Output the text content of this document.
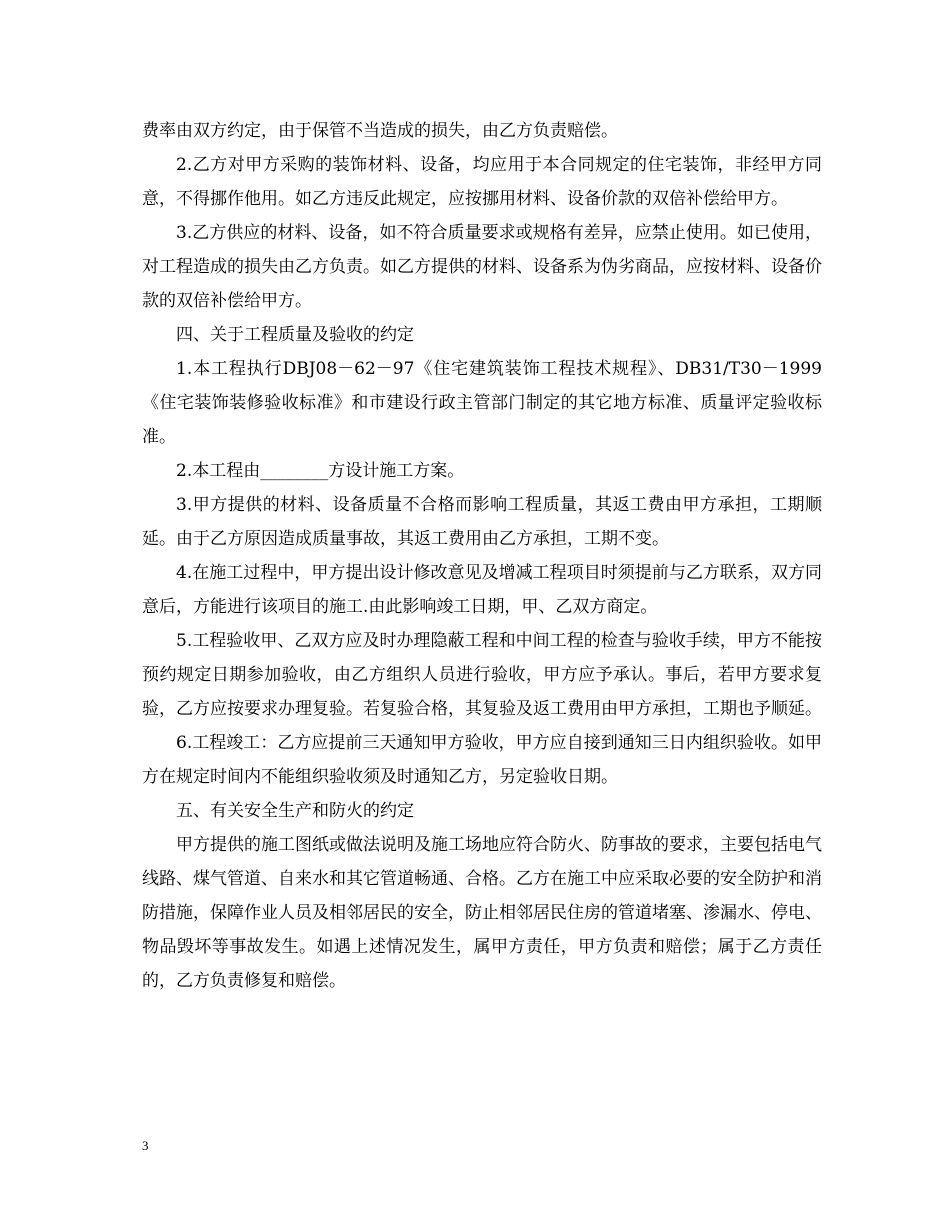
费率由双方约定，由于保管不当造成的损失，由乙方负责赔偿。

2.乙方对甲方采购的装饰材料、设备，均应用于本合同规定的住宅装饰，非经甲方同意，不得挪作他用。如乙方违反此规定，应按挪用材料、设备价款的双倍补偿给甲方。

3.乙方供应的材料、设备，如不符合质量要求或规格有差异，应禁止使用。如已使用，对工程造成的损失由乙方负责。如乙方提供的材料、设备系为伪劣商品，应按材料、设备价款的双倍补偿给甲方。

四、关于工程质量及验收的约定

1.本工程执行DBJ08－62－97《住宅建筑装饰工程技术规程》、DB31/T30－1999《住宅装饰装修验收标准》和市建设行政主管部门制定的其它地方标准、质量评定验收标准。

2.本工程由________方设计施工方案。

3.甲方提供的材料、设备质量不合格而影响工程质量，其返工费由甲方承担，工期顺延。由于乙方原因造成质量事故，其返工费用由乙方承担，工期不变。

4.在施工过程中，甲方提出设计修改意见及增减工程项目时须提前与乙方联系，双方同意后，方能进行该项目的施工.由此影响竣工日期，甲、乙双方商定。

5.工程验收甲、乙双方应及时办理隐蔽工程和中间工程的检查与验收手续，甲方不能按预约规定日期参加验收，由乙方组织人员进行验收，甲方应予承认。事后，若甲方要求复验，乙方应按要求办理复验。若复验合格，其复验及返工费用由甲方承担，工期也予顺延。

6.工程竣工：乙方应提前三天通知甲方验收，甲方应自接到通知三日内组织验收。如甲方在规定时间内不能组织验收须及时通知乙方，另定验收日期。

五、有关安全生产和防火的约定

甲方提供的施工图纸或做法说明及施工场地应符合防火、防事故的要求，主要包括电气线路、煤气管道、自来水和其它管道畅通、合格。乙方在施工中应采取必要的安全防护和消防措施，保障作业人员及相邻居民的安全，防止相邻居民住房的管道堵塞、渗漏水、停电、物品毁坏等事故发生。如遇上述情况发生，属甲方责任，甲方负责和赔偿；属于乙方责任的，乙方负责修复和赔偿。

3
